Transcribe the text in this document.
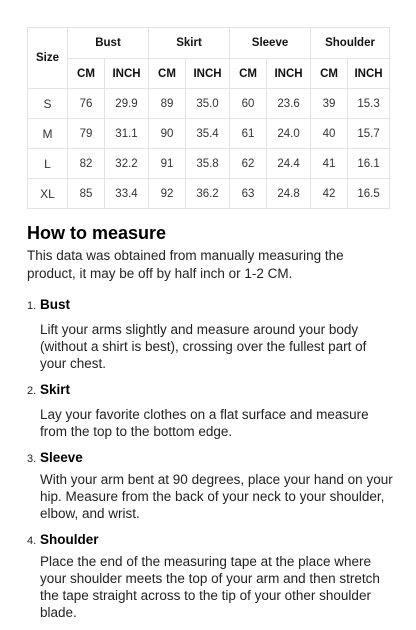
Size	Bust		Skirt		Sleeve		Shoulder	
	CM	INCH	CM	INCH	CM	INCH	CM	INCH
S	76	29.9	89	35.0	60	23.6	39	15.3
M	79	31.1	90	35.4	61	24.0	40	15.7
L	82	32.2	91	35.8	62	24.4	41	16.1
XL	85	33.4	92	36.2	63	24.8	42	16.5
How to measure

This data was obtained from manually measuring the product, it may be off by half inch or 1-2 CM.

1. Bust
Lift your arms slightly and measure around your body (without a shirt is best), crossing over the fullest part of your chest.
2. Skirt
Lay your favorite clothes on a flat surface and measure from the top to the bottom edge.
3. Sleeve
With your arm bent at 90 degrees, place your hand on your hip. Measure from the back of your neck to your shoulder, elbow, and wrist.
4. Shoulder
Place the end of the measuring tape at the place where your shoulder meets the top of your arm and then stretch the tape straight across to the tip of your other shoulder blade.
